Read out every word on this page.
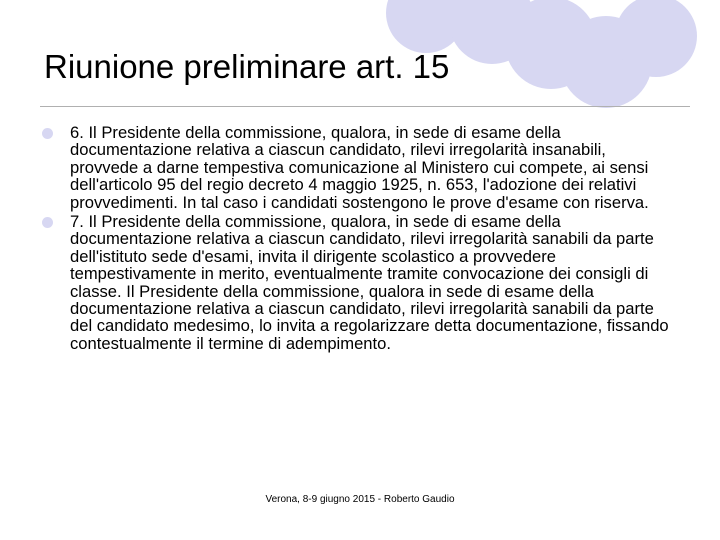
Riunione preliminare art. 15
6. Il Presidente della commissione, qualora, in sede di esame della documentazione relativa a ciascun candidato, rilevi irregolarità insanabili, provvede a darne tempestiva comunicazione al Ministero cui compete, ai sensi dell'articolo 95 del regio decreto 4 maggio 1925, n. 653, l'adozione dei relativi provvedimenti. In tal caso i candidati sostengono le prove d'esame con riserva.
7. Il Presidente della commissione, qualora, in sede di esame della documentazione relativa a ciascun candidato, rilevi irregolarità sanabili da parte dell'istituto sede d'esami, invita il dirigente scolastico a provvedere tempestivamente in merito, eventualmente tramite convocazione dei consigli di classe. Il Presidente della commissione, qualora in sede di esame della documentazione relativa a ciascun candidato, rilevi irregolarità sanabili da parte del candidato medesimo, lo invita a regolarizzare detta documentazione, fissando contestualmente il termine di adempimento.
Verona, 8-9 giugno 2015 - Roberto Gaudio
